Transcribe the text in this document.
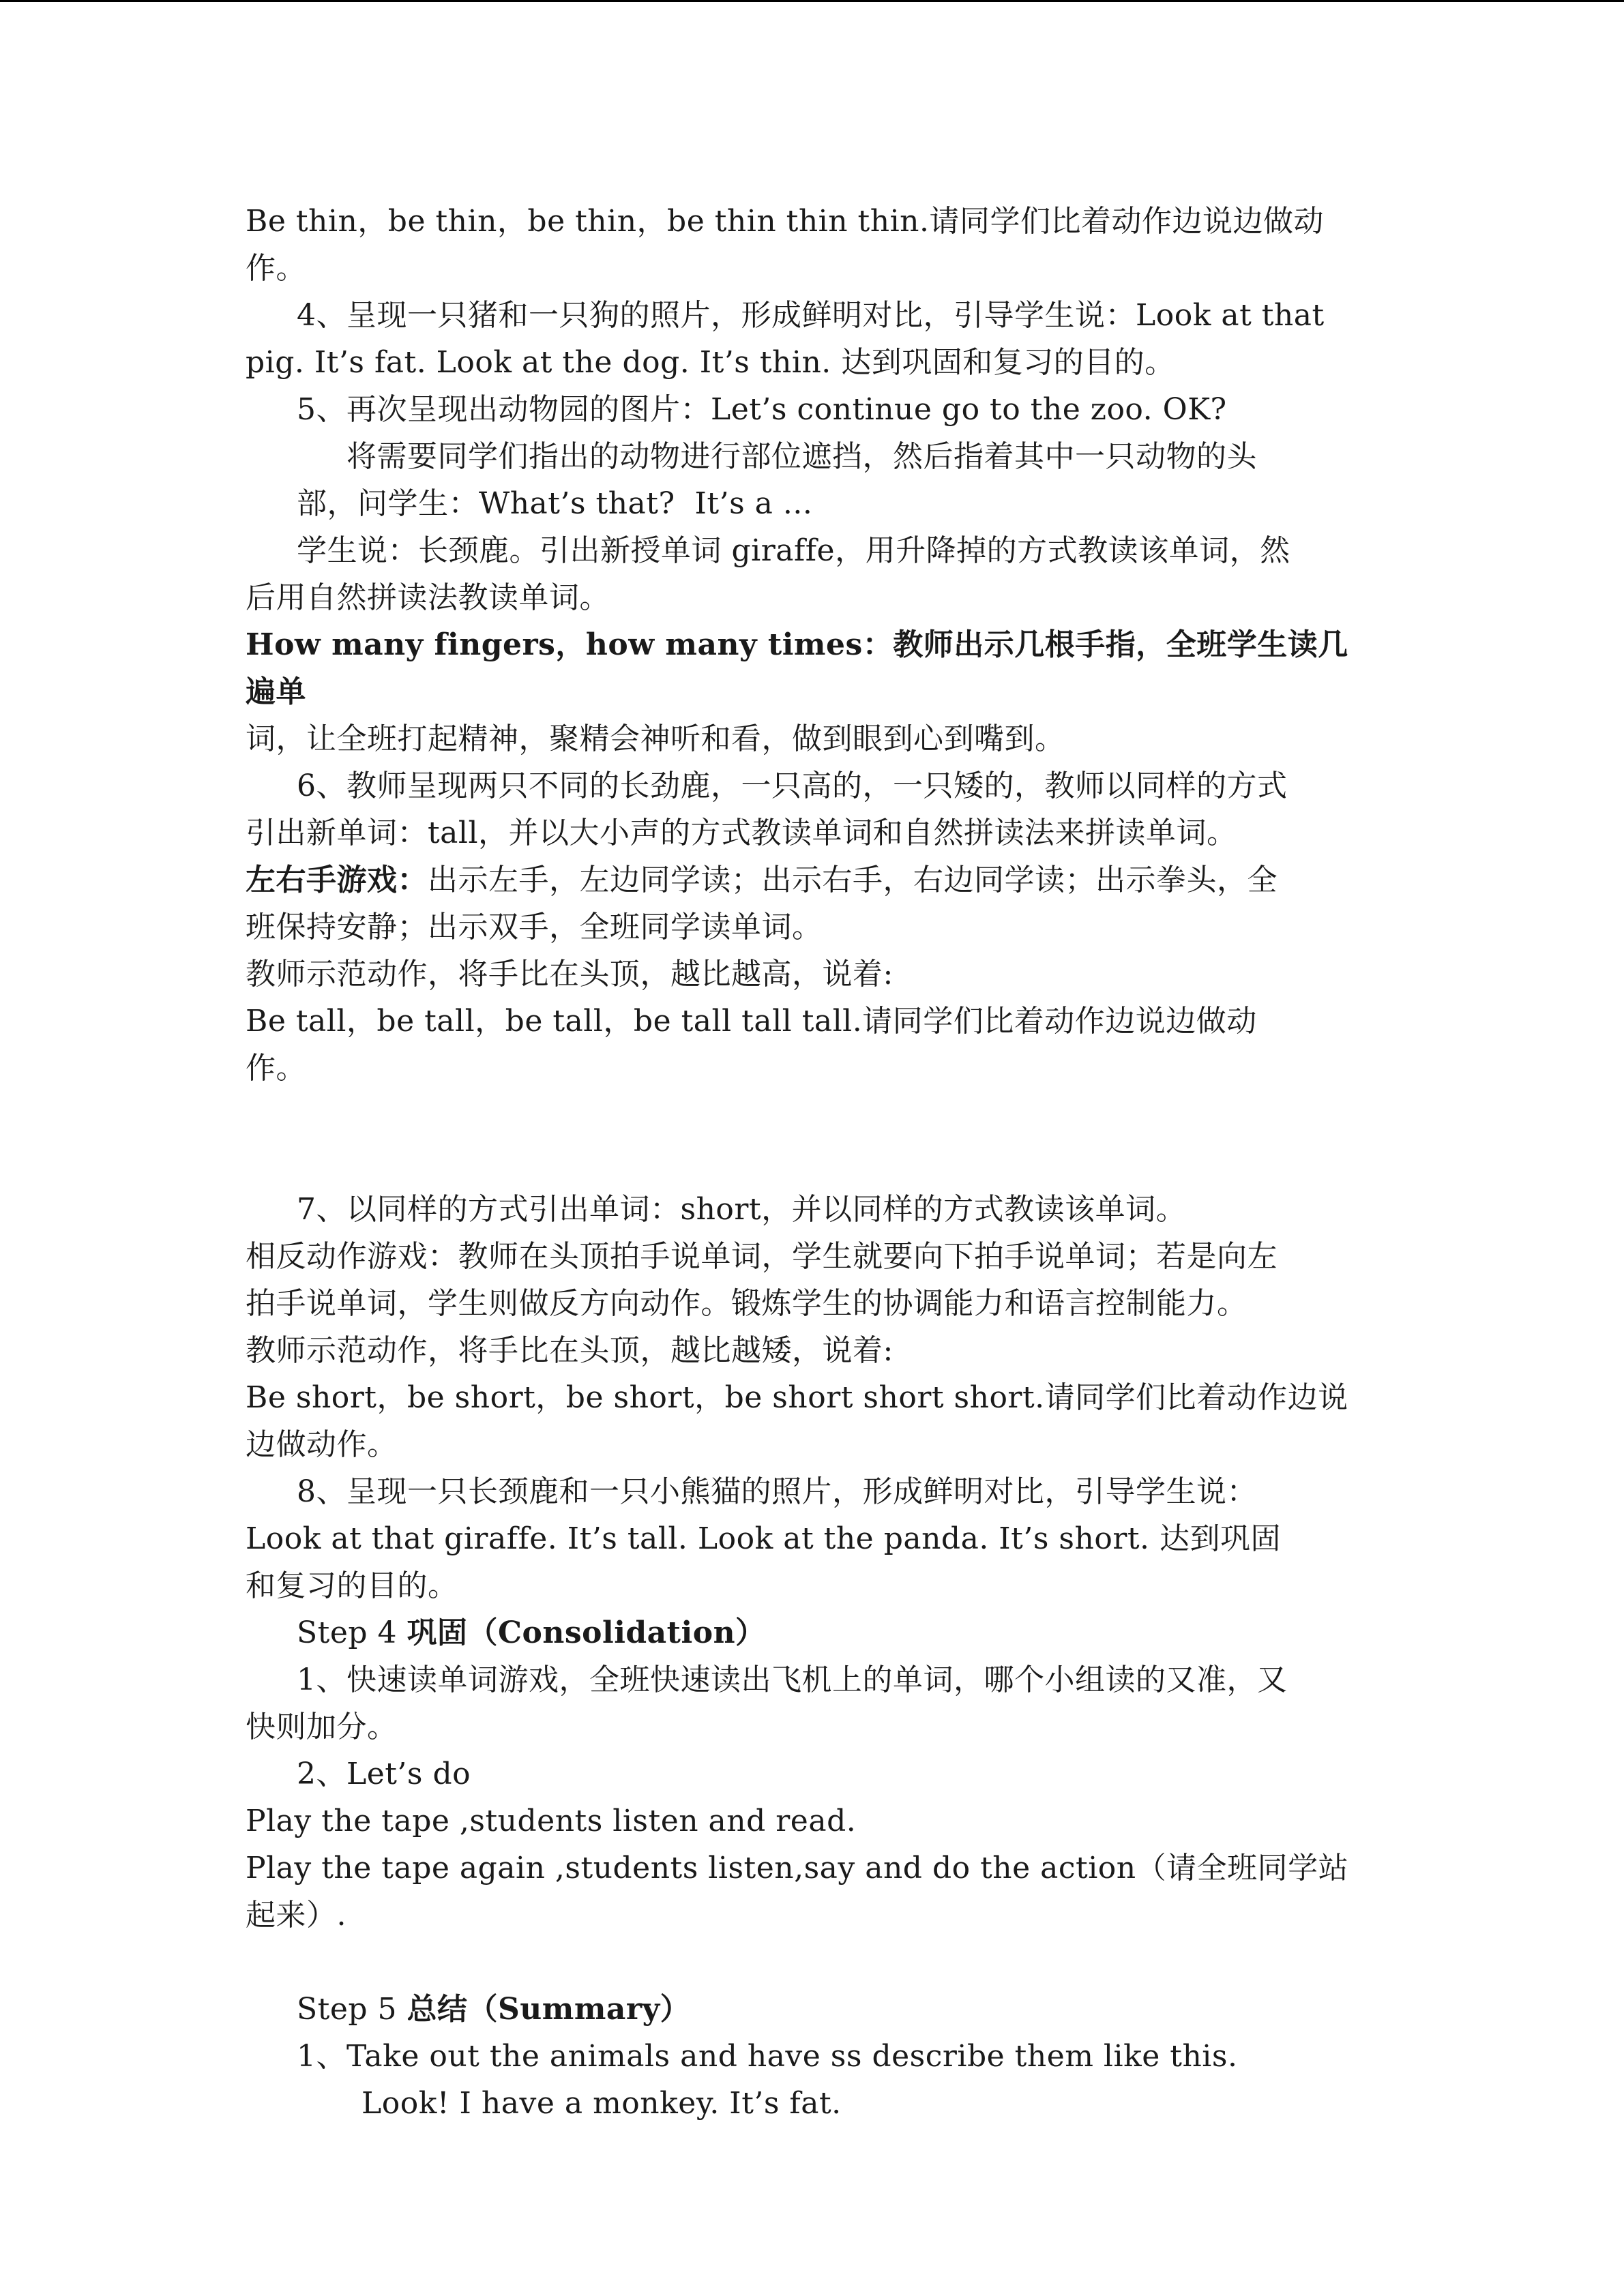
Be thin，be thin，be thin，be thin thin thin.请同学们比着动作边说边做动

作。

4、呈现一只猪和一只狗的照片，形成鲜明对比，引导学生说：Look at that

pig. It’s fat. Look at the dog. It’s thin. 达到巩固和复习的目的。

5、再次呈现出动物园的图片：Let’s continue go to the zoo. OK?

将需要同学们指出的动物进行部位遮挡，然后指着其中一只动物的头

部，问学生：What’s that?  It’s a ...

学生说：长颈鹿。引出新授单词 giraffe，用升降掉的方式教读该单词，然

后用自然拼读法教读单词。

How many fingers，how many times：教师出示几根手指，全班学生读几遍单

词，让全班打起精神，聚精会神听和看，做到眼到心到嘴到。

6、教师呈现两只不同的长劲鹿，一只高的，一只矮的，教师以同样的方式

引出新单词：tall，并以大小声的方式教读单词和自然拼读法来拼读单词。

左右手游戏：出示左手，左边同学读；出示右手，右边同学读；出示拳头，全

班保持安静；出示双手，全班同学读单词。

教师示范动作，将手比在头顶，越比越高，说着:

Be tall，be tall，be tall，be tall tall tall.请同学们比着动作边说边做动

作。

7、以同样的方式引出单词：short，并以同样的方式教读该单词。

相反动作游戏：教师在头顶拍手说单词，学生就要向下拍手说单词；若是向左

拍手说单词，学生则做反方向动作。锻炼学生的协调能力和语言控制能力。

教师示范动作，将手比在头顶，越比越矮，说着:

Be short，be short，be short，be short short short.请同学们比着动作边说

边做动作。

8、呈现一只长颈鹿和一只小熊猫的照片，形成鲜明对比，引导学生说：

Look at that giraffe. It’s tall. Look at the panda. It’s short. 达到巩固

和复习的目的。

Step 4 巩固（Consolidation）

1、快速读单词游戏，全班快速读出飞机上的单词，哪个小组读的又准，又

快则加分。

2、Let’s do

Play the tape ,students listen and read.

Play the tape again ,students listen,say and do the action（请全班同学站

起来）.

Step 5 总结（Summary）

1、Take out the animals and have ss describe them like this.

Look! I have a monkey. It’s fat.
